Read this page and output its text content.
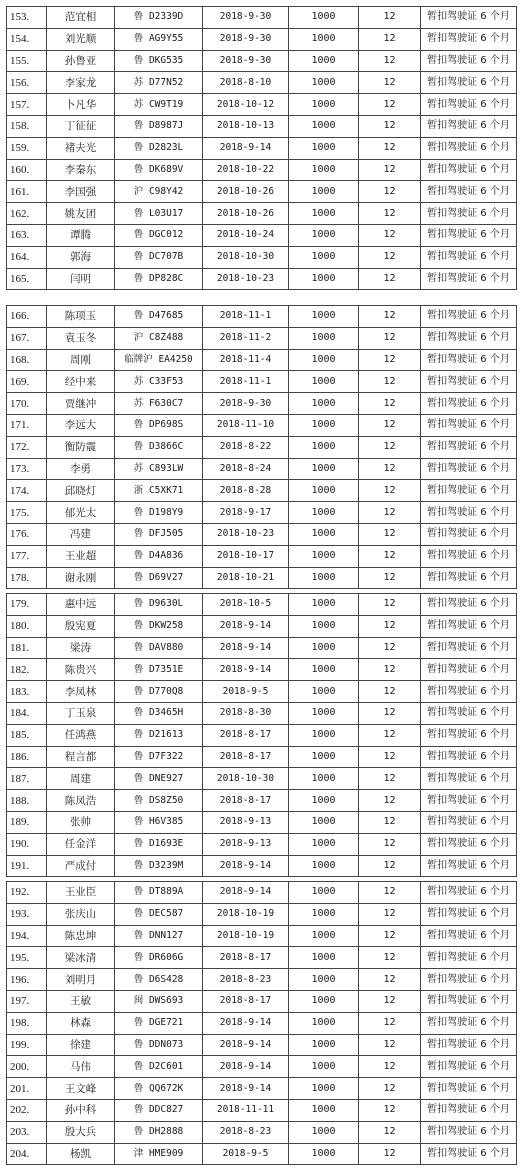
153.	范宜相	鲁 D2339D	2018-9-30	1000	12	暂扣驾驶证 6 个月
154.	刘光顺	鲁 AG9Y55	2018-9-30	1000	12	暂扣驾驶证 6 个月
155.	孙鲁亚	鲁 DKG535	2018-9-30	1000	12	暂扣驾驶证 6 个月
156.	李家龙	苏 D77N52	2018-8-10	1000	12	暂扣驾驶证 6 个月
157.	卜凡华	苏 CW9T19	2018-10-12	1000	12	暂扣驾驶证 6 个月
158.	丁征征	鲁 D8987J	2018-10-13	1000	12	暂扣驾驶证 6 个月
159.	褚夫光	鲁 D2823L	2018-9-14	1000	12	暂扣驾驶证 6 个月
160.	李秦东	鲁 DK689V	2018-10-22	1000	12	暂扣驾驶证 6 个月
161.	李国强	沪 C98Y42	2018-10-26	1000	12	暂扣驾驶证 6 个月
162.	姚友团	鲁 L03U17	2018-10-26	1000	12	暂扣驾驶证 6 个月
163.	谭腾	鲁 DGC012	2018-10-24	1000	12	暂扣驾驶证 6 个月
164.	郭海	鲁 DC707B	2018-10-30	1000	12	暂扣驾驶证 6 个月
165.	闫明	鲁 DP828C	2018-10-23	1000	12	暂扣驾驶证 6 个月
166.	陈项玉	鲁 D47685	2018-11-1	1000	12	暂扣驾驶证 6 个月
167.	袁玉冬	沪 C8Z488	2018-11-2	1000	12	暂扣驾驶证 6 个月
168.	周刚	临牌沪 EA4250	2018-11-4	1000	12	暂扣驾驶证 6 个月
169.	经中来	苏 C33F53	2018-11-1	1000	12	暂扣驾驶证 6 个月
170.	贾继冲	苏 F630C7	2018-9-30	1000	12	暂扣驾驶证 6 个月
171.	李远大	鲁 DP698S	2018-11-10	1000	12	暂扣驾驶证 6 个月
172.	衡防震	鲁 D3866C	2018-8-22	1000	12	暂扣驾驶证 6 个月
173.	李勇	苏 C893LW	2018-8-24	1000	12	暂扣驾驶证 6 个月
174.	邱晓灯	浙 C5XK71	2018-8-28	1000	12	暂扣驾驶证 6 个月
175.	郁光太	鲁 D198Y9	2018-9-17	1000	12	暂扣驾驶证 6 个月
176.	冯建	鲁 DFJ505	2018-10-23	1000	12	暂扣驾驶证 6 个月
177.	王业超	鲁 D4A836	2018-10-17	1000	12	暂扣驾驶证 6 个月
178.	谢永刚	鲁 D69V27	2018-10-21	1000	12	暂扣驾驶证 6 个月
179.	惠中远	鲁 D9630L	2018-10-5	1000	12	暂扣驾驶证 6 个月
180.	殷宪夏	鲁 DKW258	2018-9-14	1000	12	暂扣驾驶证 6 个月
181.	梁涛	鲁 DAV880	2018-9-14	1000	12	暂扣驾驶证 6 个月
182.	陈贵兴	鲁 D7351E	2018-9-14	1000	12	暂扣驾驶证 6 个月
183.	李凤林	鲁 D770Q8	2018-9-5	1000	12	暂扣驾驶证 6 个月
184.	丁玉泉	鲁 D3465H	2018-8-30	1000	12	暂扣驾驶证 6 个月
185.	任鸿燕	鲁 D21613	2018-8-17	1000	12	暂扣驾驶证 6 个月
186.	程言都	鲁 D7F322	2018-8-17	1000	12	暂扣驾驶证 6 个月
187.	周建	鲁 DNE927	2018-10-30	1000	12	暂扣驾驶证 6 个月
188.	陈凤浩	鲁 DS8Z50	2018-8-17	1000	12	暂扣驾驶证 6 个月
189.	张帅	鲁 H6V385	2018-9-13	1000	12	暂扣驾驶证 6 个月
190.	任金洋	鲁 D1693E	2018-9-13	1000	12	暂扣驾驶证 6 个月
191.	严成付	鲁 D3239M	2018-9-14	1000	12	暂扣驾驶证 6 个月
192.	王业臣	鲁 DT889A	2018-9-14	1000	12	暂扣驾驶证 6 个月
193.	张庆山	鲁 DEC587	2018-10-19	1000	12	暂扣驾驶证 6 个月
194.	陈忠坤	鲁 DNN127	2018-10-19	1000	12	暂扣驾驶证 6 个月
195.	梁冰清	鲁 DR606G	2018-8-17	1000	12	暂扣驾驶证 6 个月
196.	刘明月	鲁 D6S428	2018-8-23	1000	12	暂扣驾驶证 6 个月
197.	王敏	闽 DWS693	2018-8-17	1000	12	暂扣驾驶证 6 个月
198.	林森	鲁 DGE721	2018-9-14	1000	12	暂扣驾驶证 6 个月
199.	徐建	鲁 DDN073	2018-9-14	1000	12	暂扣驾驶证 6 个月
200.	马伟	鲁 D2C601	2018-9-14	1000	12	暂扣驾驶证 6 个月
201.	王文峰	鲁 QQ672K	2018-9-14	1000	12	暂扣驾驶证 6 个月
202.	孙中科	鲁 DDC827	2018-11-11	1000	12	暂扣驾驶证 6 个月
203.	殷大兵	鲁 DH2888	2018-8-23	1000	12	暂扣驾驶证 6 个月
204.	杨凯	津 HME909	2018-9-5	1000	12	暂扣驾驶证 6 个月
